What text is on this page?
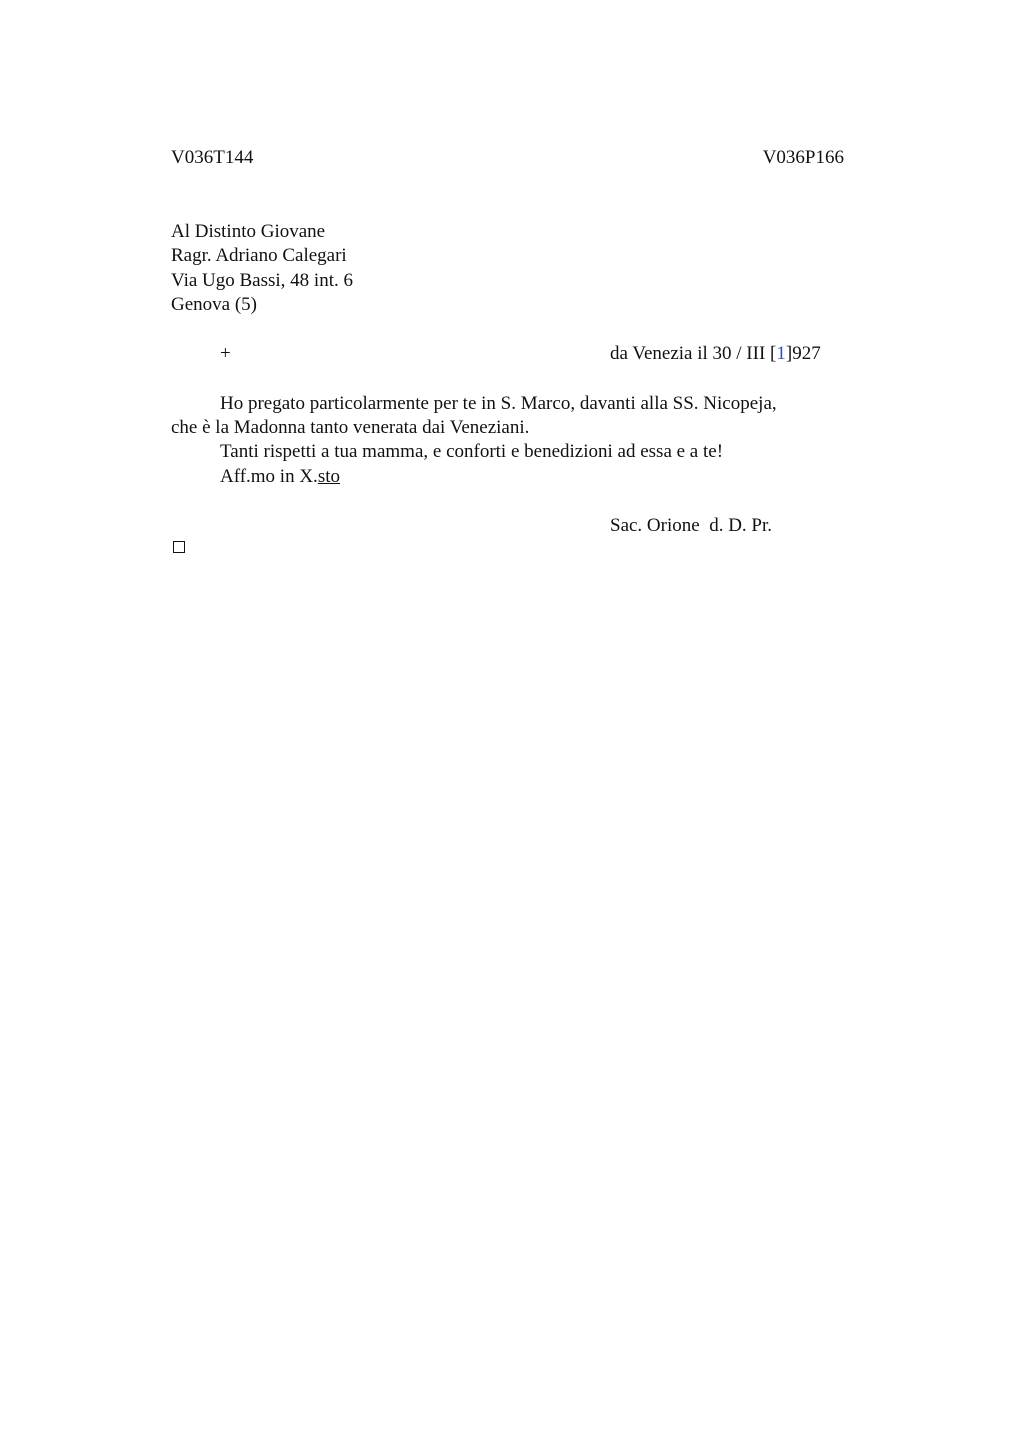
V036T144	V036P166
Al Distinto Giovane
Ragr. Adriano Calegari
Via Ugo Bassi, 48 int. 6
Genova (5)
+	da Venezia il 30 / III [1]927
Ho pregato particolarmente per te in S. Marco, davanti alla SS. Nicopeja,
che è la Madonna tanto venerata dai Veneziani.
Tanti rispetti a tua mamma, e conforti e benedizioni ad essa e a te!
Aff.mo in X.sto
Sac. Orione  d. D. Pr.
